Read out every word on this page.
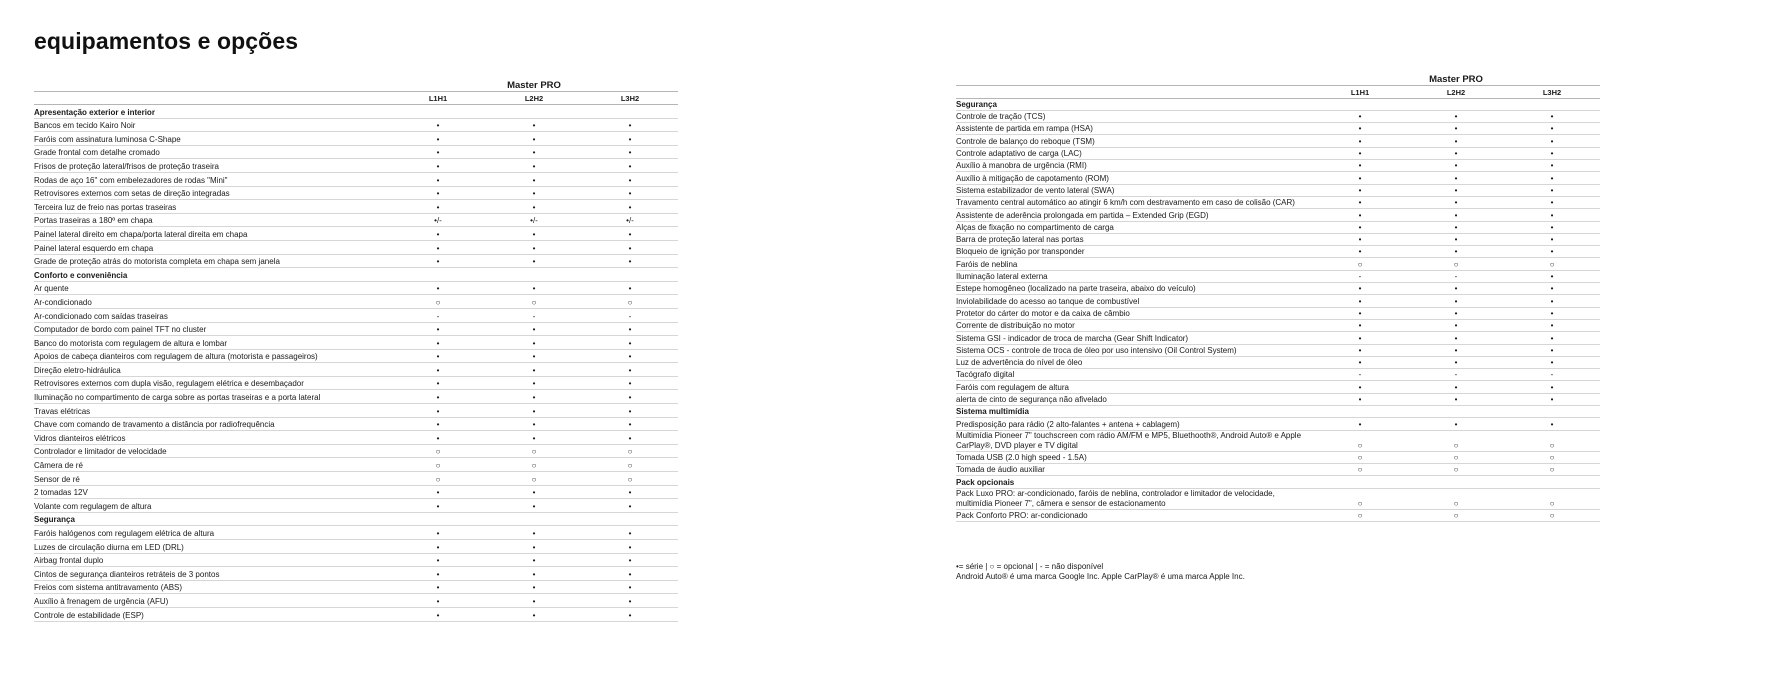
equipamentos e opções
	Master PRO		
	L1H1	L2H2	L3H2
Apresentação exterior e interior			
Bancos em tecido Kairo Noir	•	•	•
Faróis com assinatura luminosa C-Shape	•	•	•
Grade frontal com detalhe cromado	•	•	•
Frisos de proteção lateral/frisos de proteção traseira	•	•	•
Rodas de aço 16" com embelezadores de rodas "Mini"	•	•	•
Retrovisores externos com setas de direção integradas	•	•	•
Terceira luz de freio nas portas traseiras	•	•	•
Portas traseiras a 180º em chapa	•/-	•/-	•/-
Painel lateral direito em chapa/porta lateral direita em chapa	•	•	•
Painel lateral esquerdo em chapa	•	•	•
Grade de proteção atrás do motorista completa em chapa sem janela	•	•	•
Conforto e conveniência			
Ar quente	•	•	•
Ar-condicionado	○	○	○
Ar-condicionado com saídas traseiras	-	-	-
Computador de bordo com painel TFT no cluster	•	•	•
Banco do motorista com regulagem de altura e lombar	•	•	•
Apoios de cabeça dianteiros com regulagem de altura (motorista e passageiros)	•	•	•
Direção eletro-hidráulica	•	•	•
Retrovisores externos com dupla visão, regulagem elétrica e desembaçador	•	•	•
Iluminação no compartimento de carga sobre as portas traseiras e a porta lateral	•	•	•
Travas elétricas	•	•	•
Chave com comando de travamento a distância por radiofrequência	•	•	•
Vidros dianteiros elétricos	•	•	•
Controlador e limitador de velocidade	○	○	○
Câmera de ré	○	○	○
Sensor de ré	○	○	○
2 tomadas 12V	•	•	•
Volante com regulagem de altura	•	•	•
Segurança			
Faróis halógenos com regulagem elétrica de altura	•	•	•
Luzes de circulação diurna em LED (DRL)	•	•	•
Airbag frontal duplo	•	•	•
Cintos de segurança dianteiros retráteis de 3 pontos	•	•	•
Freios com sistema antitravamento (ABS)	•	•	•
Auxílio à frenagem de urgência (AFU)	•	•	•
Controle de estabilidade (ESP)	•	•	•
	Master PRO		
	L1H1	L2H2	L3H2
Segurança			
Controle de tração (TCS)	•	•	•
Assistente de partida em rampa (HSA)	•	•	•
Controle de balanço do reboque (TSM)	•	•	•
Controle adaptativo de carga (LAC)	•	•	•
Auxílio à manobra de urgência (RMI)	•	•	•
Auxílio à mitigação de capotamento (ROM)	•	•	•
Sistema estabilizador de vento lateral (SWA)	•	•	•
Travamento central automático ao atingir 6 km/h com destravamento em caso de colisão (CAR)	•	•	•
Assistente de aderência prolongada em partida – Extended Grip (EGD)	•	•	•
Alças de fixação no compartimento de carga	•	•	•
Barra de proteção lateral nas portas	•	•	•
Bloqueio de ignição por transponder	•	•	•
Faróis de neblina	○	○	○
Iluminação lateral externa	-	-	•
Estepe homogêneo (localizado na parte traseira, abaixo do veículo)	•	•	•
Inviolabilidade do acesso ao tanque de combustível	•	•	•
Protetor do cárter do motor e da caixa de câmbio	•	•	•
Corrente de distribuição no motor	•	•	•
Sistema GSI - indicador de troca de marcha (Gear Shift Indicator)	•	•	•
Sistema OCS - controle de troca de óleo por uso intensivo (Oil Control System)	•	•	•
Luz de advertência do nível de óleo	•	•	•
Tacógrafo digital	-	-	-
Faróis com regulagem de altura	•	•	•
alerta de cinto de segurança não afivelado	•	•	•
Sistema multimídia			
Predisposição para rádio (2 alto-falantes + antena + cablagem)	•	•	•
Multimídia Pioneer 7" touchscreen com rádio AM/FM e MP5, Bluethooth®, Android Auto® e Apple CarPlay®, DVD player e TV digital	○	○	○
Tomada USB (2.0 high speed - 1.5A)	○	○	○
Tomada de áudio auxiliar	○	○	○
Pack opcionais			
Pack Luxo PRO: ar-condicionado, faróis de neblina, controlador e limitador de velocidade, multimídia Pioneer 7", câmera e sensor de estacionamento	○	○	○
Pack Conforto PRO: ar-condicionado	○	○	○
•= série | ○ = opcional | - = não disponível
Android Auto® é uma marca Google Inc. Apple CarPlay® é uma marca Apple Inc.
